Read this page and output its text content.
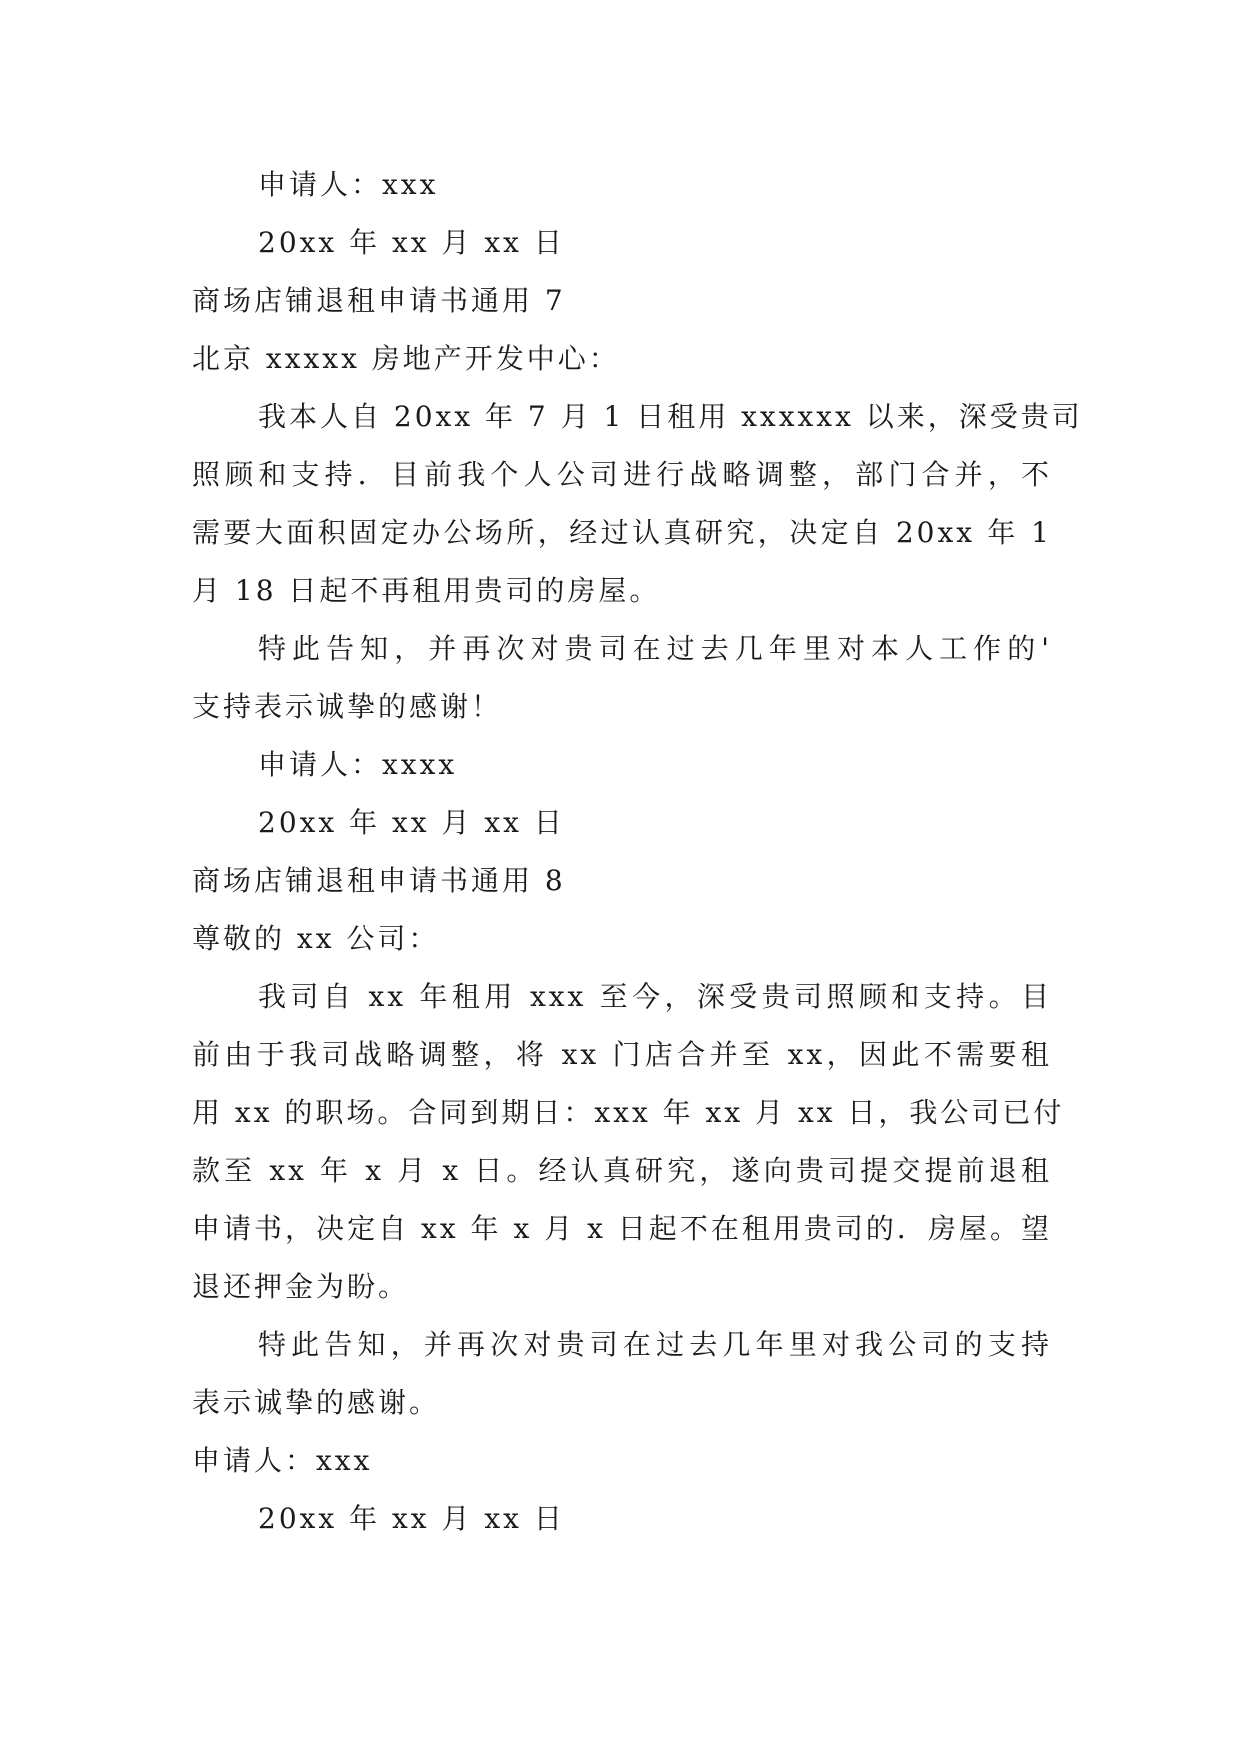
申请人：xxx
20xx 年 xx 月 xx 日
商场店铺退租申请书通用 7
北京 xxxxx 房地产开发中心：
我本人自 20xx 年 7 月 1 日租用 xxxxxx 以来，深受贵司
照顾和支持．目前我个人公司进行战略调整，部门合并，不
需要大面积固定办公场所，经过认真研究，决定自 20xx 年 1
月 18 日起不再租用贵司的房屋。
特此告知，并再次对贵司在过去几年里对本人工作的'
支持表示诚挚的感谢！
申请人：xxxx
20xx 年 xx 月 xx 日
商场店铺退租申请书通用 8
尊敬的 xx 公司：
我司自 xx 年租用 xxx 至今，深受贵司照顾和支持。目
前由于我司战略调整，将 xx 门店合并至 xx，因此不需要租
用 xx 的职场。合同到期日：xxx 年 xx 月 xx 日，我公司已付
款至 xx 年 x 月 x 日。经认真研究，遂向贵司提交提前退租
申请书，决定自 xx 年 x 月 x 日起不在租用贵司的．房屋。望
退还押金为盼。
特此告知，并再次对贵司在过去几年里对我公司的支持
表示诚挚的感谢。
申请人：xxx
20xx 年 xx 月 xx 日
